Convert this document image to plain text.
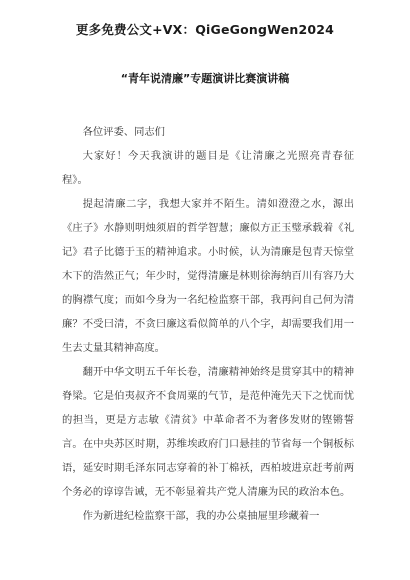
更多免费公文+VX：QiGeGongWen2024
“青年说清廉”专题演讲比赛演讲稿

各位评委、同志们

大家好！今天我演讲的题目是《让清廉之光照亮青春征程》。

提起清廉二字，我想大家并不陌生。清如澄澄之水，源出《庄子》水静则明烛须眉的哲学智慧；廉似方正玉璧承载着《礼记》君子比德于玉的精神追求。小时候，认为清廉是包青天惊堂木下的浩然正气；年少时，觉得清廉是林则徐海纳百川有容乃大的胸襟气度；而如今身为一名纪检监察干部，我再问自己何为清廉？不受曰清，不贪曰廉这看似简单的八个字，却需要我们用一生去丈量其精神高度。

翻开中华文明五千年长卷，清廉精神始终是贯穿其中的精神脊梁。它是伯夷叔齐不食周粟的气节，是范仲淹先天下之忧而忧的担当，更是方志敏《清贫》中革命者不为奢侈发财的铿锵誓言。在中央苏区时期，苏维埃政府门口悬挂的节省每一个铜板标语，延安时期毛泽东同志穿着的补丁棉袄，西柏坡进京赶考前两个务必的谆谆告诫，无不彰显着共产党人清廉为民的政治本色。

作为新进纪检监察干部，我的办公桌抽屉里珍藏着一
